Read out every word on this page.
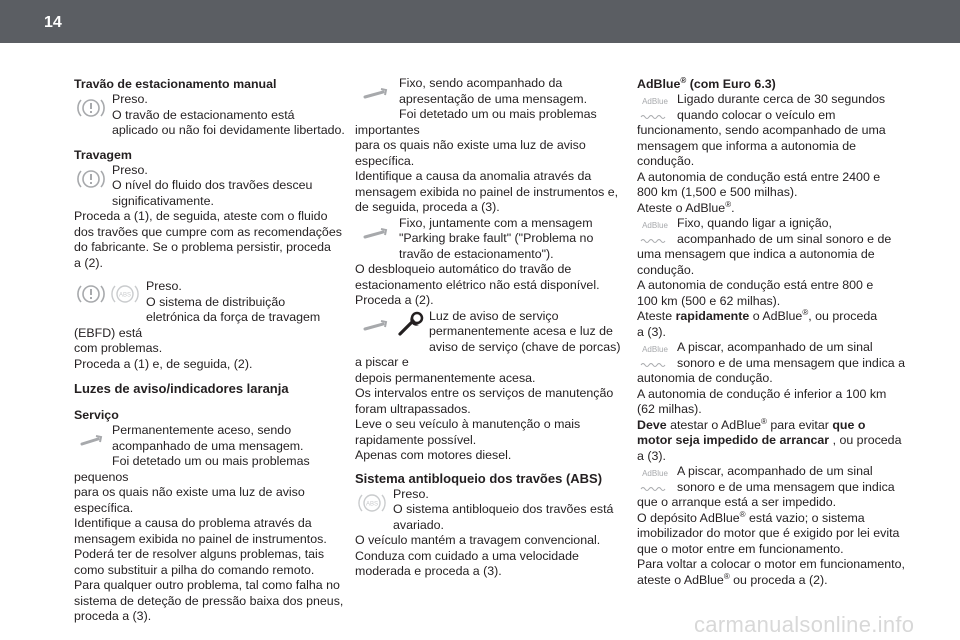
14
Travão de estacionamento manual

Preso.

O travão de estacionamento está

aplicado ou não foi devidamente libertado.

Travagem

Preso.

O nível do fluido dos travões desceu

significativamente.

Proceda a (1), de seguida, ateste com o fluido

dos travões que cumpre com as recomendações

do fabricante. Se o problema persistir, proceda

a (2).

ABS

Preso.

O sistema de distribuição

eletrónica da força de travagem (EBFD) está

com problemas.

Proceda a (1) e, de seguida, (2).

Luzes de aviso/indicadores laranja
Serviço

Permanentemente aceso, sendo

acompanhado de uma mensagem.

Foi detetado um ou mais problemas pequenos

para os quais não existe uma luz de aviso

específica.

Identifique a causa do problema através da

mensagem exibida no painel de instrumentos.

Poderá ter de resolver alguns problemas, tais

como substituir a pilha do comando remoto.

Para qualquer outro problema, tal como falha no

sistema de deteção de pressão baixa dos pneus,

proceda a (3).

Fixo, sendo acompanhado da

apresentação de uma mensagem.

Foi detetado um ou mais problemas importantes

para os quais não existe uma luz de aviso

específica.

Identifique a causa da anomalia através da

mensagem exibida no painel de instrumentos e,

de seguida, proceda a (3).

Fixo, juntamente com a mensagem

"Parking brake fault" ("Problema no

travão de estacionamento").

O desbloqueio automático do travão de

estacionamento elétrico não está disponível.

Proceda a (2).

Luz de aviso de serviço

permanentemente acesa e luz de

aviso de serviço (chave de porcas) a piscar e

depois permanentemente acesa.

Os intervalos entre os serviços de manutenção

foram ultrapassados.

Leve o seu veículo à manutenção o mais

rapidamente possível.

Apenas com motores diesel.

Sistema antibloqueio dos travões (ABS)
ABS

Preso.

O sistema antibloqueio dos travões está

avariado.

O veículo mantém a travagem convencional.

Conduza com cuidado a uma velocidade

moderada e proceda a (3).

AdBlue® (com Euro 6.3)
AdBlue Ligado durante cerca de 30 segundos

quando colocar o veículo em

funcionamento, sendo acompanhado de uma

mensagem que informa a autonomia de

condução.

A autonomia de condução está entre 2400 e

800 km (1,500 e 500 milhas).

Ateste o AdBlue®.

AdBlue Fixo, quando ligar a ignição,

acompanhado de um sinal sonoro e de

uma mensagem que indica a autonomia de

condução.

A autonomia de condução está entre 800 e

100 km (500 e 62 milhas).

Ateste rapidamente o AdBlue®, ou proceda

a (3).

AdBlue A piscar, acompanhado de um sinal

sonoro e de uma mensagem que indica a

autonomia de condução.

A autonomia de condução é inferior a 100 km

(62 milhas).

Deve atestar o AdBlue® para evitar que o

motor seja impedido de arrancar , ou proceda

a (3).

AdBlue A piscar, acompanhado de um sinal

sonoro e de uma mensagem que indica

que o arranque está a ser impedido.

O depósito AdBlue® está vazio; o sistema

imobilizador do motor que é exigido por lei evita

que o motor entre em funcionamento.

Para voltar a colocar o motor em funcionamento,

ateste o AdBlue® ou proceda a (2).

carmanualsonline.info
